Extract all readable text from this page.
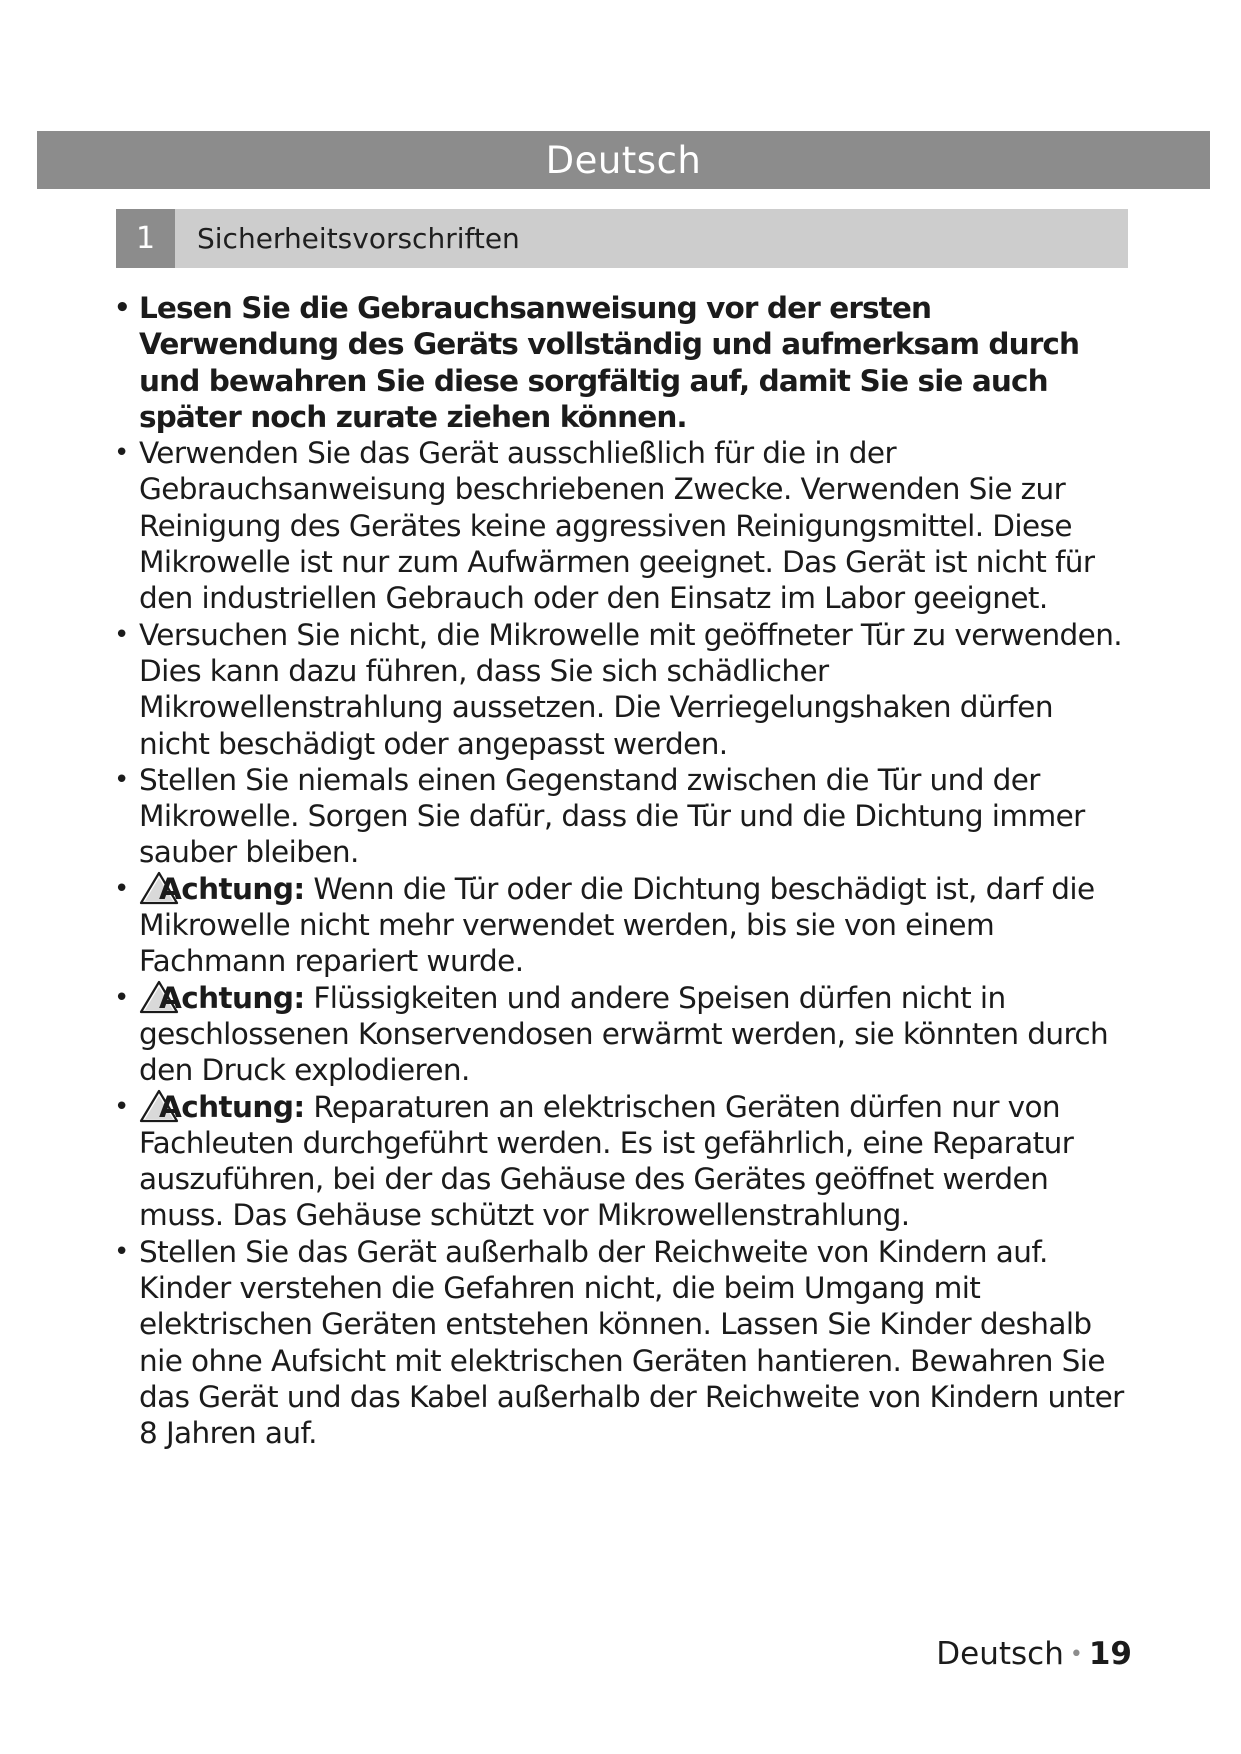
Deutsch
1	Sicherheitsvorschriften
• Lesen Sie die Gebrauchsanweisung vor der ersten Verwendung des Geräts vollständig und aufmerksam durch und bewahren Sie diese sorgfältig auf, damit Sie sie auch später noch zurate ziehen können.
• Verwenden Sie das Gerät ausschließlich für die in der Gebrauchsanweisung beschriebenen Zwecke. Verwenden Sie zur Reinigung des Gerätes keine aggressiven Reinigungsmittel. Diese Mikrowelle ist nur zum Aufwärmen geeignet. Das Gerät ist nicht für den industriellen Gebrauch oder den Einsatz im Labor geeignet.
• Versuchen Sie nicht, die Mikrowelle mit geöffneter Tür zu verwenden. Dies kann dazu führen, dass Sie sich schädlicher Mikrowellenstrahlung aussetzen. Die Verriegelungshaken dürfen nicht beschädigt oder angepasst werden.
• Stellen Sie niemals einen Gegenstand zwischen die Tür und der Mikrowelle. Sorgen Sie dafür, dass die Tür und die Dichtung immer sauber bleiben.
• Achtung: Wenn die Tür oder die Dichtung beschädigt ist, darf die Mikrowelle nicht mehr verwendet werden, bis sie von einem Fachmann repariert wurde.
• Achtung: Flüssigkeiten und andere Speisen dürfen nicht in geschlossenen Konservendosen erwärmt werden, sie könnten durch den Druck explodieren.
• Achtung: Reparaturen an elektrischen Geräten dürfen nur von Fachleuten durchgeführt werden. Es ist gefährlich, eine Reparatur auszuführen, bei der das Gehäuse des Gerätes geöffnet werden muss. Das Gehäuse schützt vor Mikrowellenstrahlung.
• Stellen Sie das Gerät außerhalb der Reichweite von Kindern auf. Kinder verstehen die Gefahren nicht, die beim Umgang mit elektrischen Geräten entstehen können. Lassen Sie Kinder deshalb nie ohne Aufsicht mit elektrischen Geräten hantieren. Bewahren Sie das Gerät und das Kabel außerhalb der Reichweite von Kindern unter 8 Jahren auf.
Deutsch • 19
